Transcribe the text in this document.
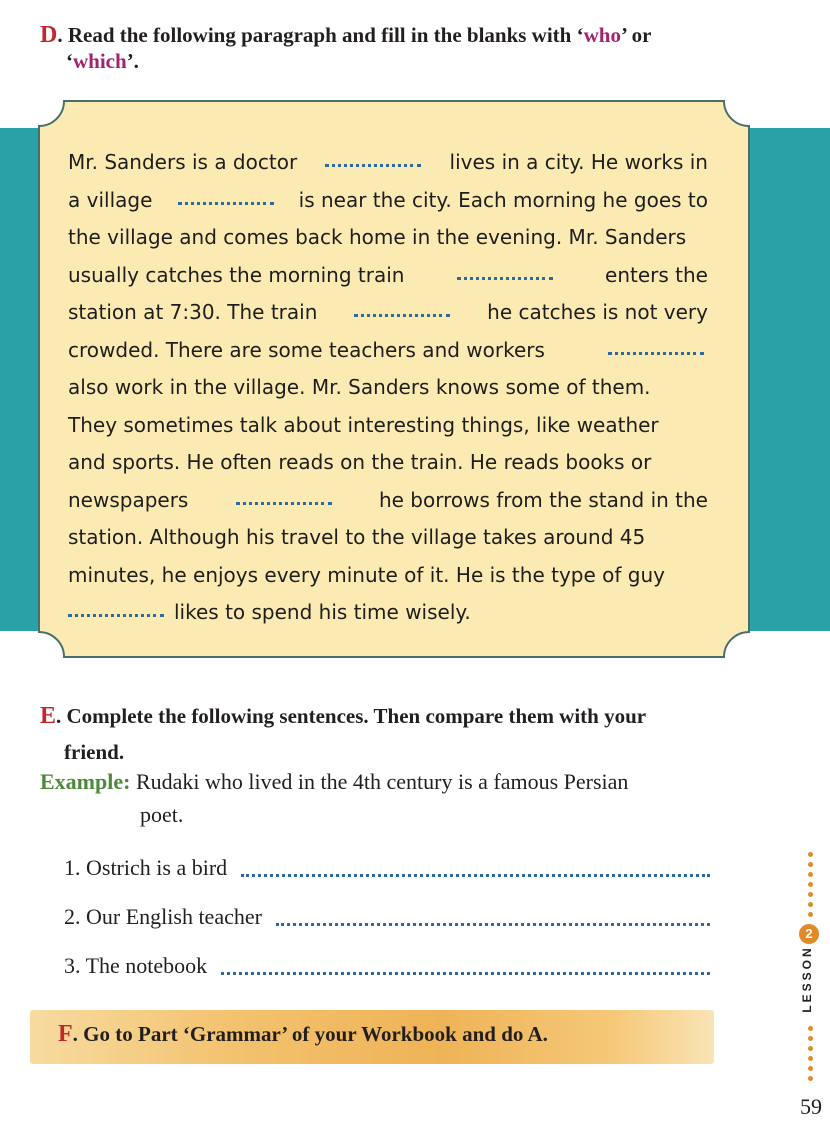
D. Read the following paragraph and fill in the blanks with ‘who’ or
‘which’.
Mr. Sanders is a doctor	lives in a city. He works in
a village	is near the city. Each morning he goes to
the village and comes back home in the evening. Mr. Sanders
usually catches the morning train	enters the
station at 7:30. The train	he catches is not very
crowded. There are some teachers and workers
also work in the village. Mr. Sanders knows some of them.
They sometimes talk about interesting things, like weather
and sports. He often reads on the train. He reads books or
newspapers	he borrows from the stand in the
station. Although his travel to the village takes around 45
minutes, he enjoys every minute of it. He is the type of guy
likes to spend his time wisely.
E. Complete the following sentences. Then compare them with your
friend.
Example: Rudaki who lived in the 4th century is a famous Persian
poet.
1. Ostrich is a bird
2. Our English teacher
3. The notebook
F. Go to Part ‘Grammar’ of your Workbook and do A.
2
LESSON
59
